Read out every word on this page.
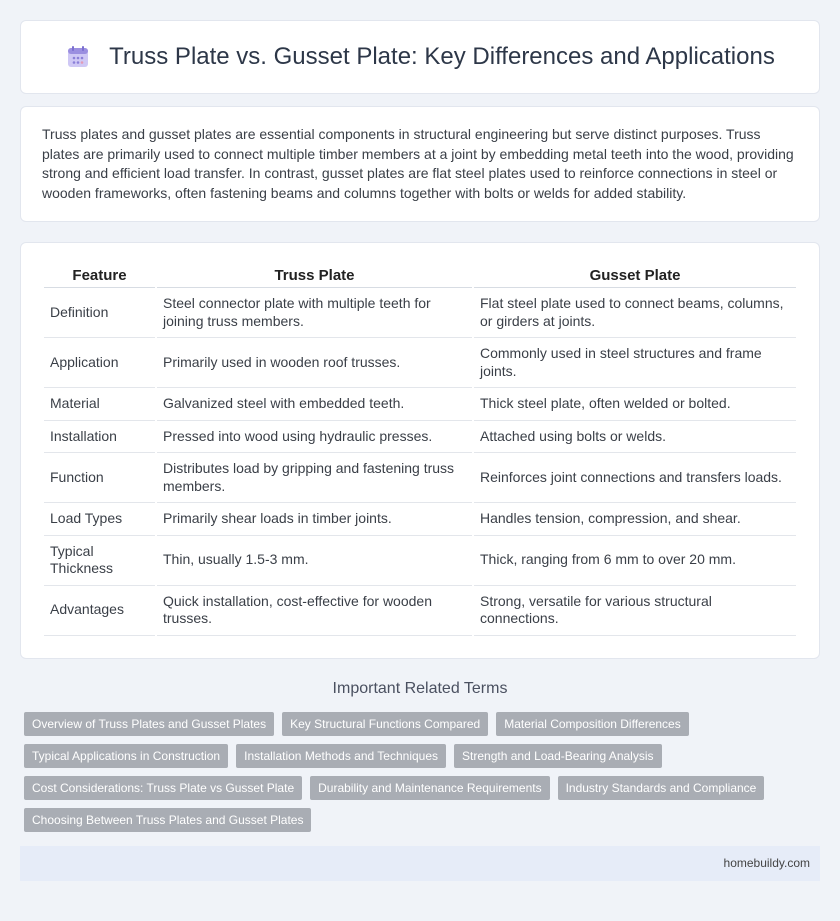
Truss Plate vs. Gusset Plate: Key Differences and Applications

Truss plates and gusset plates are essential components in structural engineering but serve distinct purposes. Truss plates are primarily used to connect multiple timber members at a joint by embedding metal teeth into the wood, providing strong and efficient load transfer. In contrast, gusset plates are flat steel plates used to reinforce connections in steel or wooden frameworks, often fastening beams and columns together with bolts or welds for added stability.

Feature	Truss Plate	Gusset Plate
Definition	Steel connector plate with multiple teeth for joining truss members.	Flat steel plate used to connect beams, columns, or girders at joints.
Application	Primarily used in wooden roof trusses.	Commonly used in steel structures and frame joints.
Material	Galvanized steel with embedded teeth.	Thick steel plate, often welded or bolted.
Installation	Pressed into wood using hydraulic presses.	Attached using bolts or welds.
Function	Distributes load by gripping and fastening truss members.	Reinforces joint connections and transfers loads.
Load Types	Primarily shear loads in timber joints.	Handles tension, compression, and shear.
Typical Thickness	Thin, usually 1.5-3 mm.	Thick, ranging from 6 mm to over 20 mm.
Advantages	Quick installation, cost-effective for wooden trusses.	Strong, versatile for various structural connections.
Important Related Terms
Overview of Truss Plates and Gusset Plates	Key Structural Functions Compared	Material Composition Differences
Typical Applications in Construction	Installation Methods and Techniques	Strength and Load-Bearing Analysis
Cost Considerations: Truss Plate vs Gusset Plate	Durability and Maintenance Requirements	Industry Standards and Compliance
Choosing Between Truss Plates and Gusset Plates
homebuildy.com
